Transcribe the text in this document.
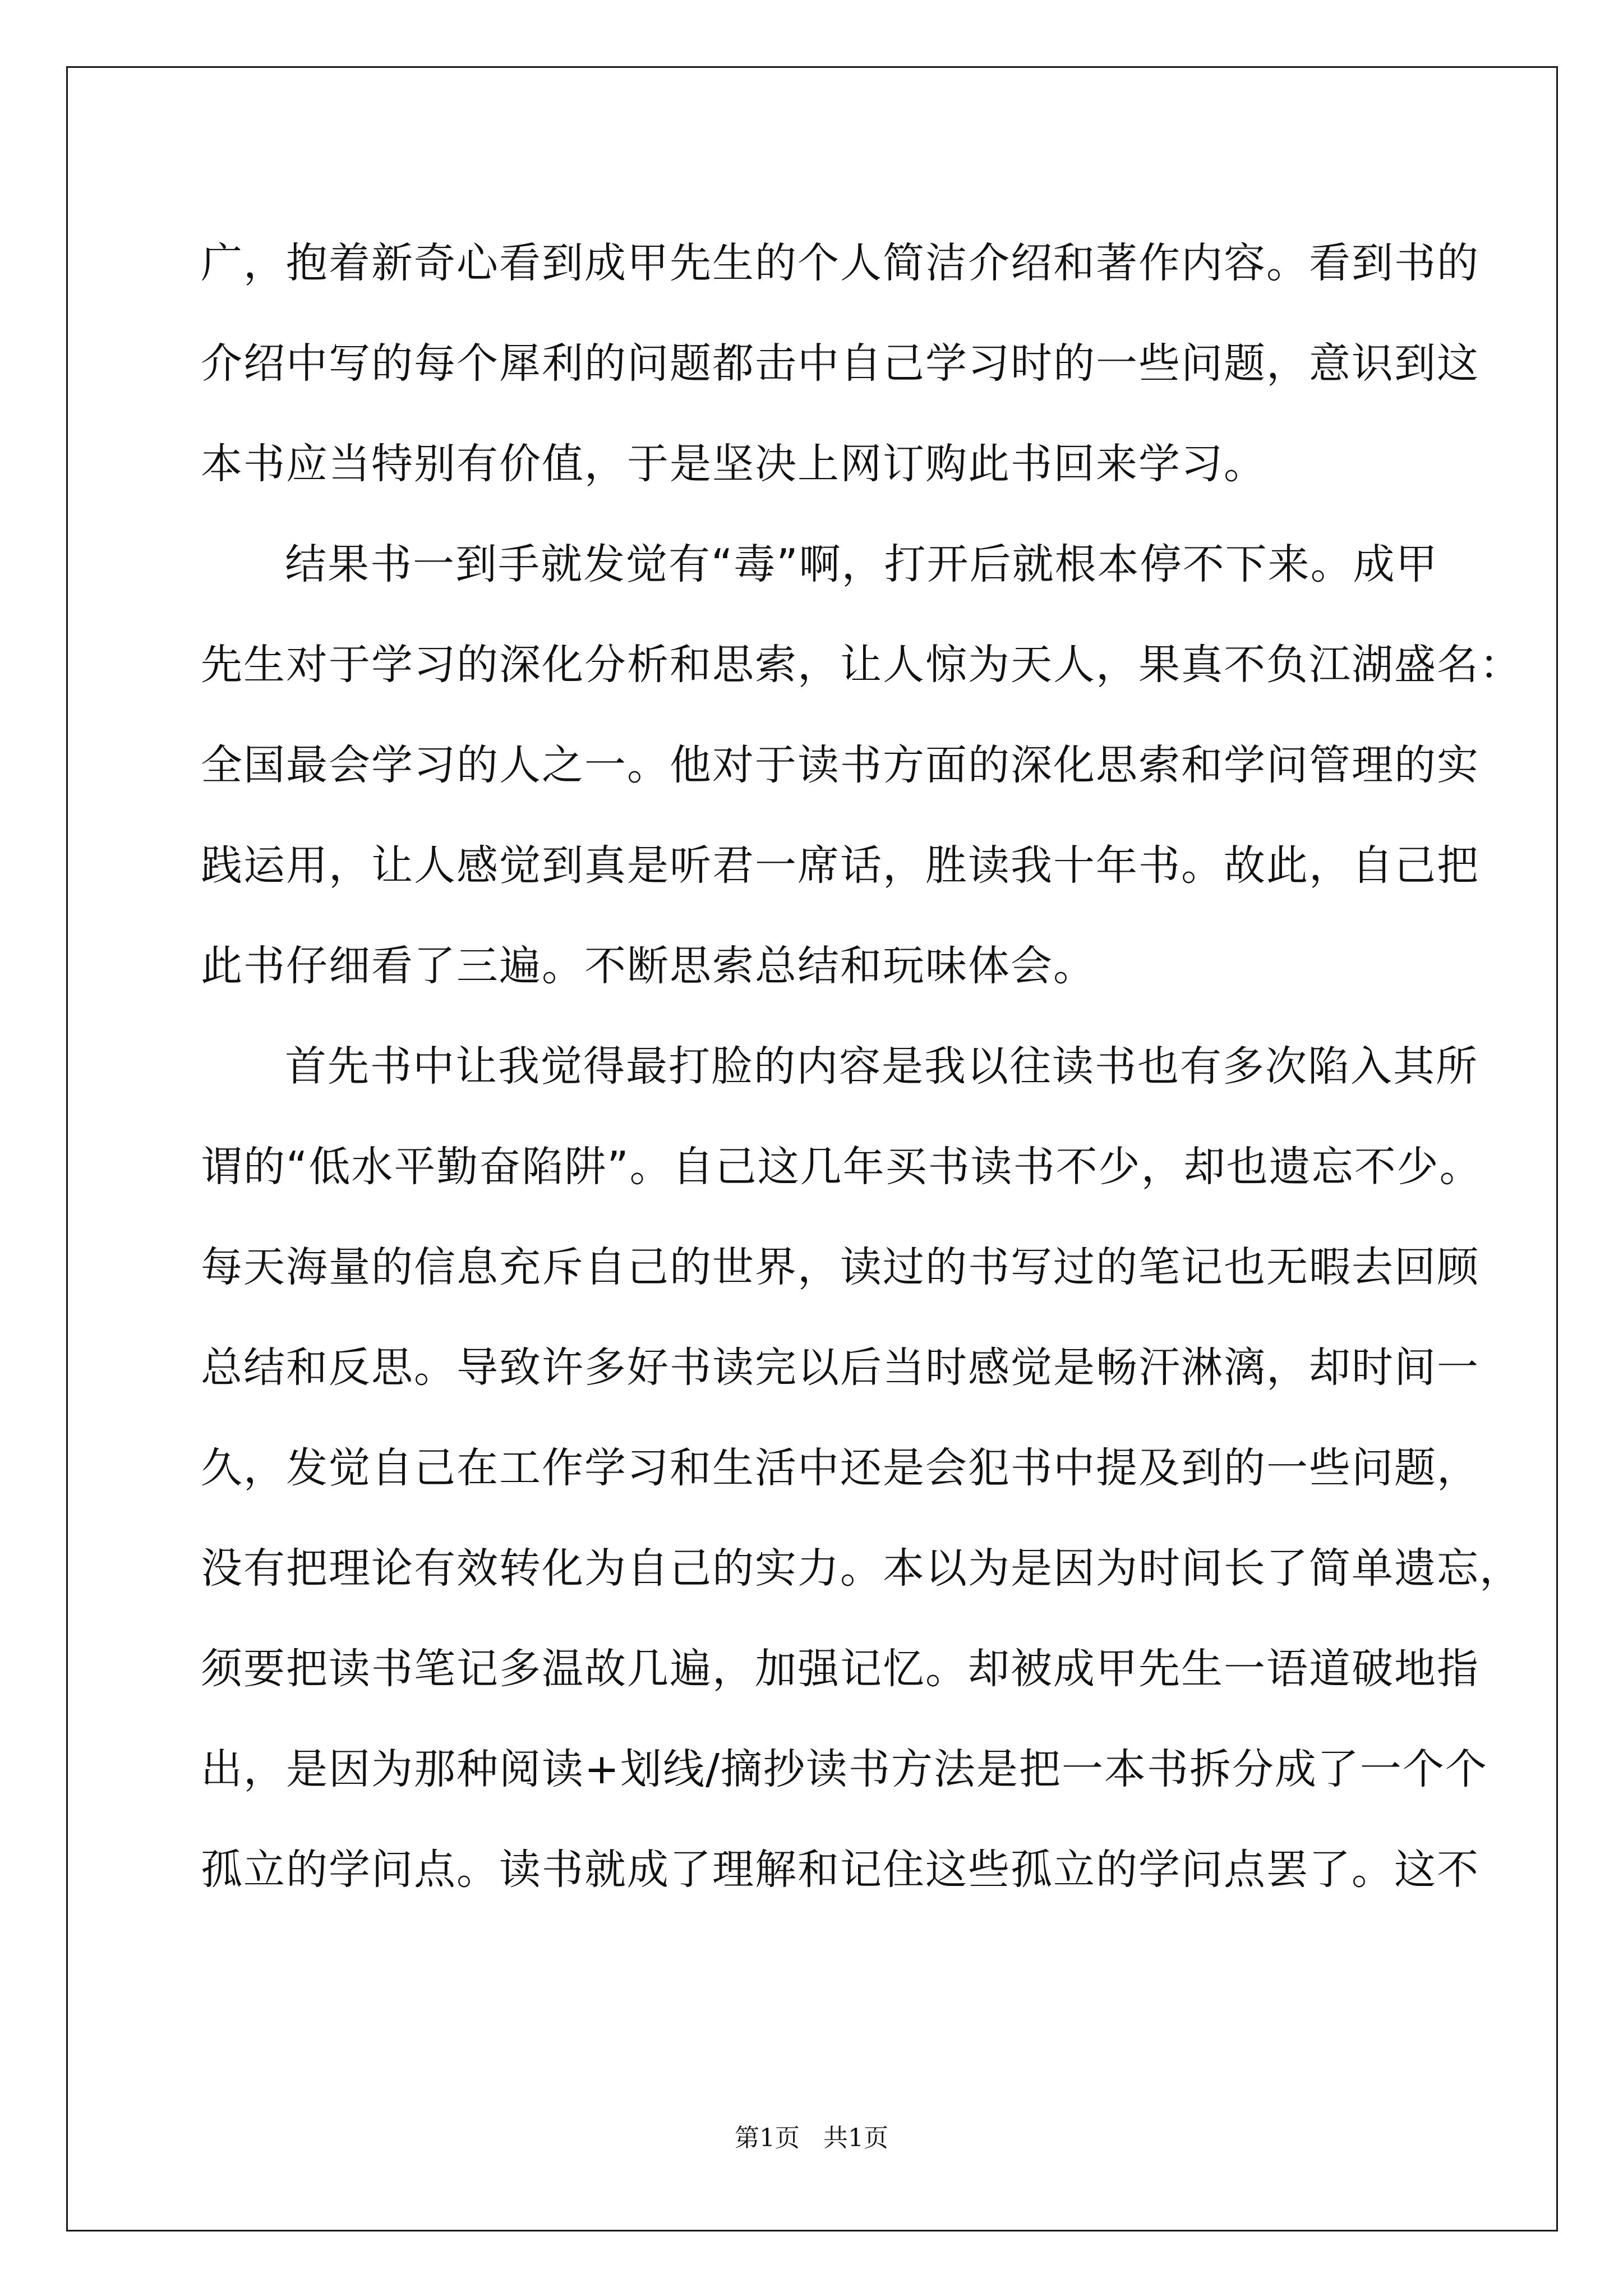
广，抱着新奇心看到成甲先生的个人简洁介绍和著作内容。看到书的
介绍中写的每个犀利的问题都击中自己学习时的一些问题，意识到这
本书应当特别有价值，于是坚决上网订购此书回来学习。
结果书一到手就发觉有“毒”啊，打开后就根本停不下来。成甲
先生对于学习的深化分析和思索，让人惊为天人，果真不负江湖盛名：
全国最会学习的人之一。他对于读书方面的深化思索和学问管理的实
践运用，让人感觉到真是听君一席话，胜读我十年书。故此，自己把
此书仔细看了三遍。不断思索总结和玩味体会。
首先书中让我觉得最打脸的内容是我以往读书也有多次陷入其所
谓的“低水平勤奋陷阱”。自己这几年买书读书不少，却也遗忘不少。
每天海量的信息充斥自己的世界，读过的书写过的笔记也无暇去回顾
总结和反思。导致许多好书读完以后当时感觉是畅汗淋漓，却时间一
久，发觉自己在工作学习和生活中还是会犯书中提及到的一些问题，
没有把理论有效转化为自己的实力。本以为是因为时间长了简单遗忘，
须要把读书笔记多温故几遍，加强记忆。却被成甲先生一语道破地指
出，是因为那种阅读+划线/摘抄读书方法是把一本书拆分成了一个个
孤立的学问点。读书就成了理解和记住这些孤立的学问点罢了。这不
第1页   共1页
